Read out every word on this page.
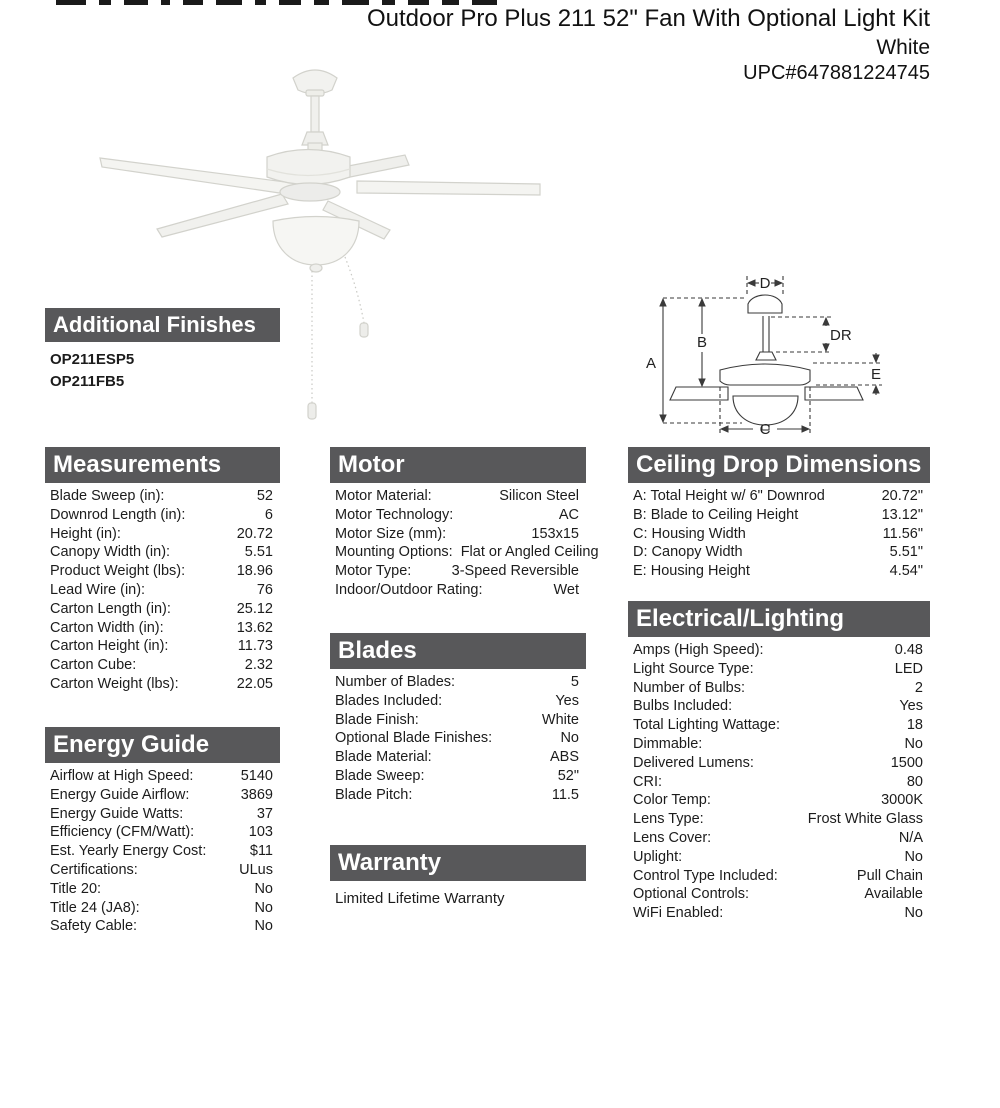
Outdoor Pro Plus 211 52" Fan With Optional Light Kit
White
UPC#647881224745
D
DR
A
B
E
C
Additional Finishes
OP211ESP5
OP211FB5
Measurements
Blade Sweep (in):	52
Downrod Length (in):	6
Height (in):	20.72
Canopy Width (in):	5.51
Product Weight (lbs):	18.96
Lead Wire (in):	76
Carton Length (in):	25.12
Carton Width (in):	13.62
Carton Height (in):	11.73
Carton Cube:	2.32
Carton Weight (lbs):	22.05
Energy Guide
Airflow at High Speed:	5140
Energy Guide Airflow:	3869
Energy Guide Watts:	37
Efficiency (CFM/Watt):	103
Est. Yearly Energy Cost:	$11
Certifications:	ULus
Title 20:	No
Title 24 (JA8):	No
Safety Cable:	No
Motor
Motor Material:	Silicon Steel
Motor Technology:	AC
Motor Size (mm):	153x15
Mounting Options: Flat or Angled Ceiling
Motor Type:	3-Speed Reversible
Indoor/Outdoor Rating:	Wet
Blades
Number of Blades:	5
Blades Included:	Yes
Blade Finish:	White
Optional Blade Finishes:	No
Blade Material:	ABS
Blade Sweep:	52"
Blade Pitch:	11.5
Warranty
Limited Lifetime Warranty
Ceiling Drop Dimensions
A: Total Height w/ 6" Downrod	20.72"
B: Blade to Ceiling Height	13.12"
C: Housing Width	11.56"
D: Canopy Width	5.51"
E: Housing Height	4.54"
Electrical/Lighting
Amps (High Speed):	0.48
Light Source Type:	LED
Number of Bulbs:	2
Bulbs Included:	Yes
Total Lighting Wattage:	18
Dimmable:	No
Delivered Lumens:	1500
CRI:	80
Color Temp:	3000K
Lens Type:	Frost White Glass
Lens Cover:	N/A
Uplight:	No
Control Type Included:	Pull Chain
Optional Controls:	Available
WiFi Enabled:	No
